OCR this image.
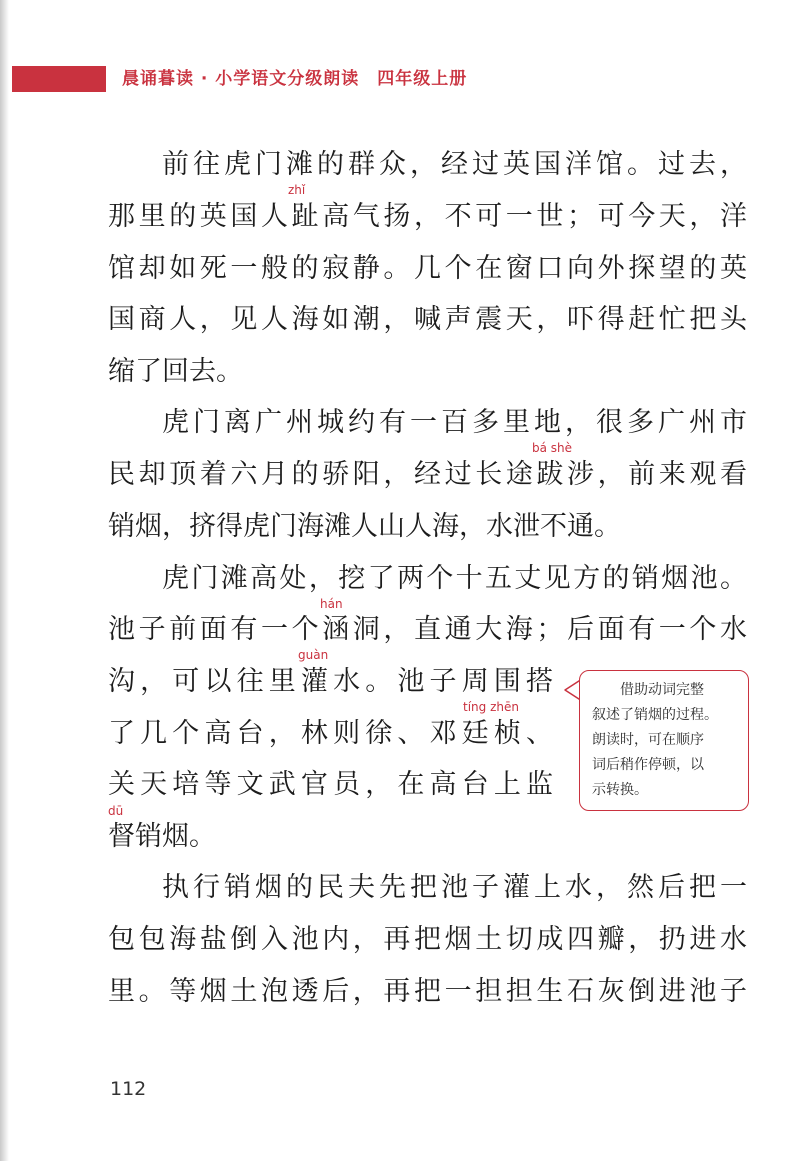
晨诵暮读 · 小学语文分级朗读　四年级上册
前往虎门滩的群众，经过英国洋馆。过去，
那里的英国人趾高气扬，不可一世；可今天，洋
馆却如死一般的寂静。几个在窗口向外探望的英
国商人，见人海如潮，喊声震天，吓得赶忙把头
缩了回去。
虎门离广州城约有一百多里地，很多广州市
民却顶着六月的骄阳，经过长途跋涉，前来观看
销烟，挤得虎门海滩人山人海，水泄不通。
虎门滩高处，挖了两个十五丈见方的销烟池。
池子前面有一个涵洞，直通大海；后面有一个水
沟，可以往里灌水。池子周围搭
了几个高台，林则徐、邓廷桢、
关天培等文武官员，在高台上监
督销烟。
执行销烟的民夫先把池子灌上水，然后把一
包包海盐倒入池内，再把烟土切成四瓣，扔进水
里。等烟土泡透后，再把一担担生石灰倒进池子
zhǐ
bá shè
hán
guàn
tíng zhēn
dū
借助动词完整
叙述了销烟的过程。
朗读时，可在顺序
词后稍作停顿，以
示转换。
112
